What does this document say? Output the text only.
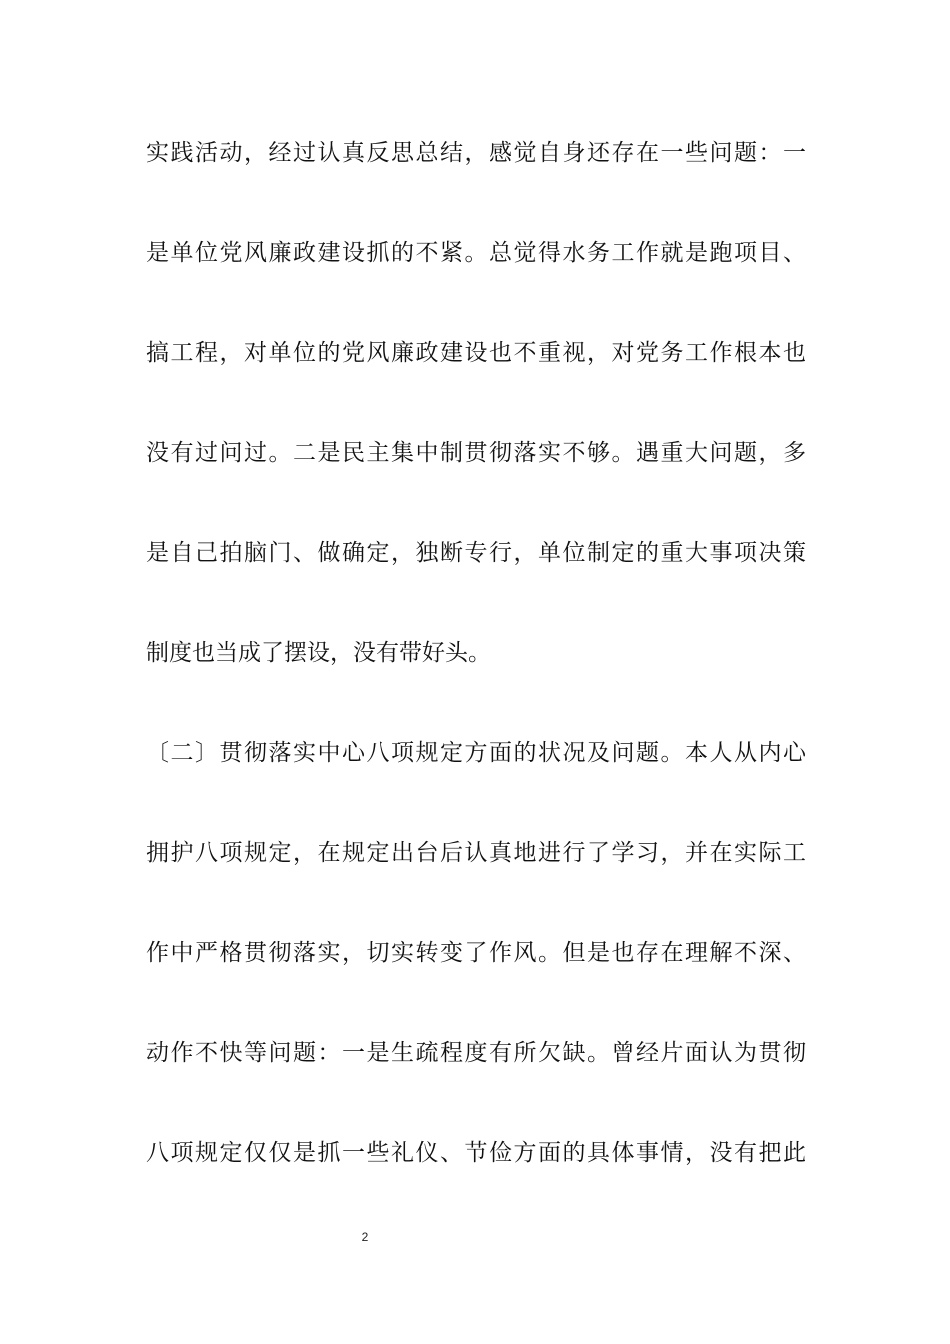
实践活动，经过认真反思总结，感觉自身还存在一些问题：一
是单位党风廉政建设抓的不紧。总觉得水务工作就是跑项目、
搞工程，对单位的党风廉政建设也不重视，对党务工作根本也
没有过问过。二是民主集中制贯彻落实不够。遇重大问题，多
是自己拍脑门、做确定，独断专行，单位制定的重大事项决策
制度也当成了摆设，没有带好头。
〔二〕贯彻落实中心八项规定方面的状况及问题。本人从内心
拥护八项规定，在规定出台后认真地进行了学习，并在实际工
作中严格贯彻落实，切实转变了作风。但是也存在理解不深、
动作不快等问题：一是生疏程度有所欠缺。曾经片面认为贯彻
八项规定仅仅是抓一些礼仪、节俭方面的具体事情，没有把此
2
